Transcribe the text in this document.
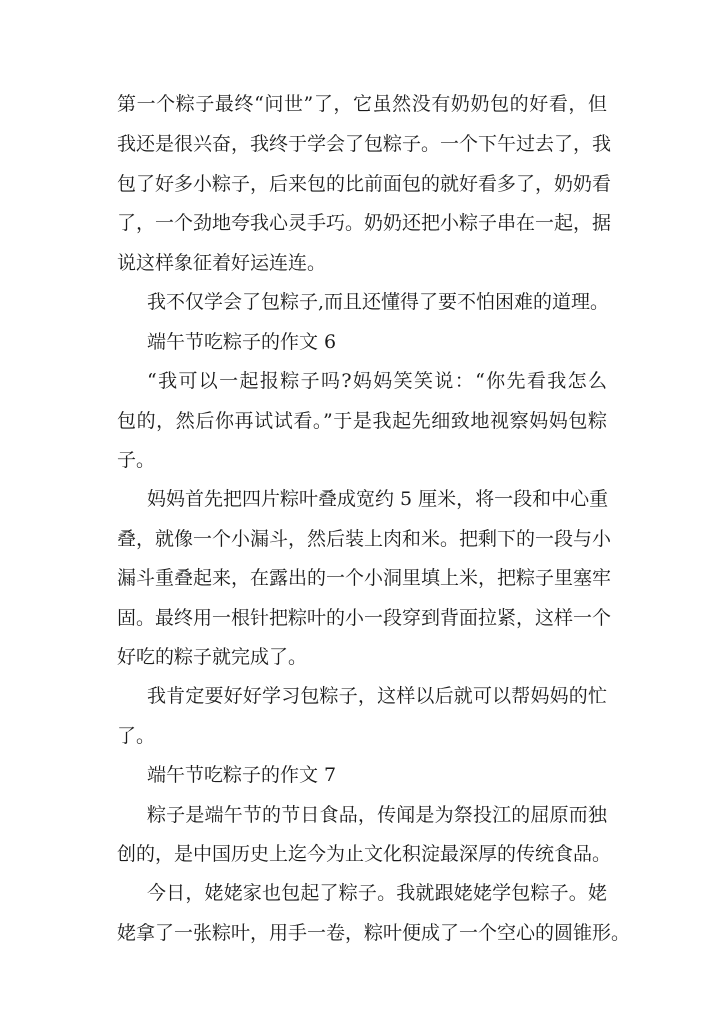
第一个粽子最终“问世”了，它虽然没有奶奶包的好看，但
我还是很兴奋，我终于学会了包粽子。一个下午过去了，我
包了好多小粽子，后来包的比前面包的就好看多了，奶奶看
了，一个劲地夸我心灵手巧。奶奶还把小粽子串在一起，据
说这样象征着好运连连。
我不仅学会了包粽子,而且还懂得了要不怕困难的道理。
端午节吃粽子的作文 6
“我可以一起报粽子吗?妈妈笑笑说：“你先看我怎么
包的，然后你再试试看。”于是我起先细致地视察妈妈包粽
子。
妈妈首先把四片粽叶叠成宽约 5 厘米，将一段和中心重
叠，就像一个小漏斗，然后装上肉和米。把剩下的一段与小
漏斗重叠起来，在露出的一个小洞里填上米，把粽子里塞牢
固。最终用一根针把粽叶的小一段穿到背面拉紧，这样一个
好吃的粽子就完成了。
我肯定要好好学习包粽子，这样以后就可以帮妈妈的忙
了。
端午节吃粽子的作文 7
粽子是端午节的节日食品，传闻是为祭投江的屈原而独
创的，是中国历史上迄今为止文化积淀最深厚的传统食品。
今日，姥姥家也包起了粽子。我就跟姥姥学包粽子。姥
姥拿了一张粽叶，用手一卷，粽叶便成了一个空心的圆锥形。
